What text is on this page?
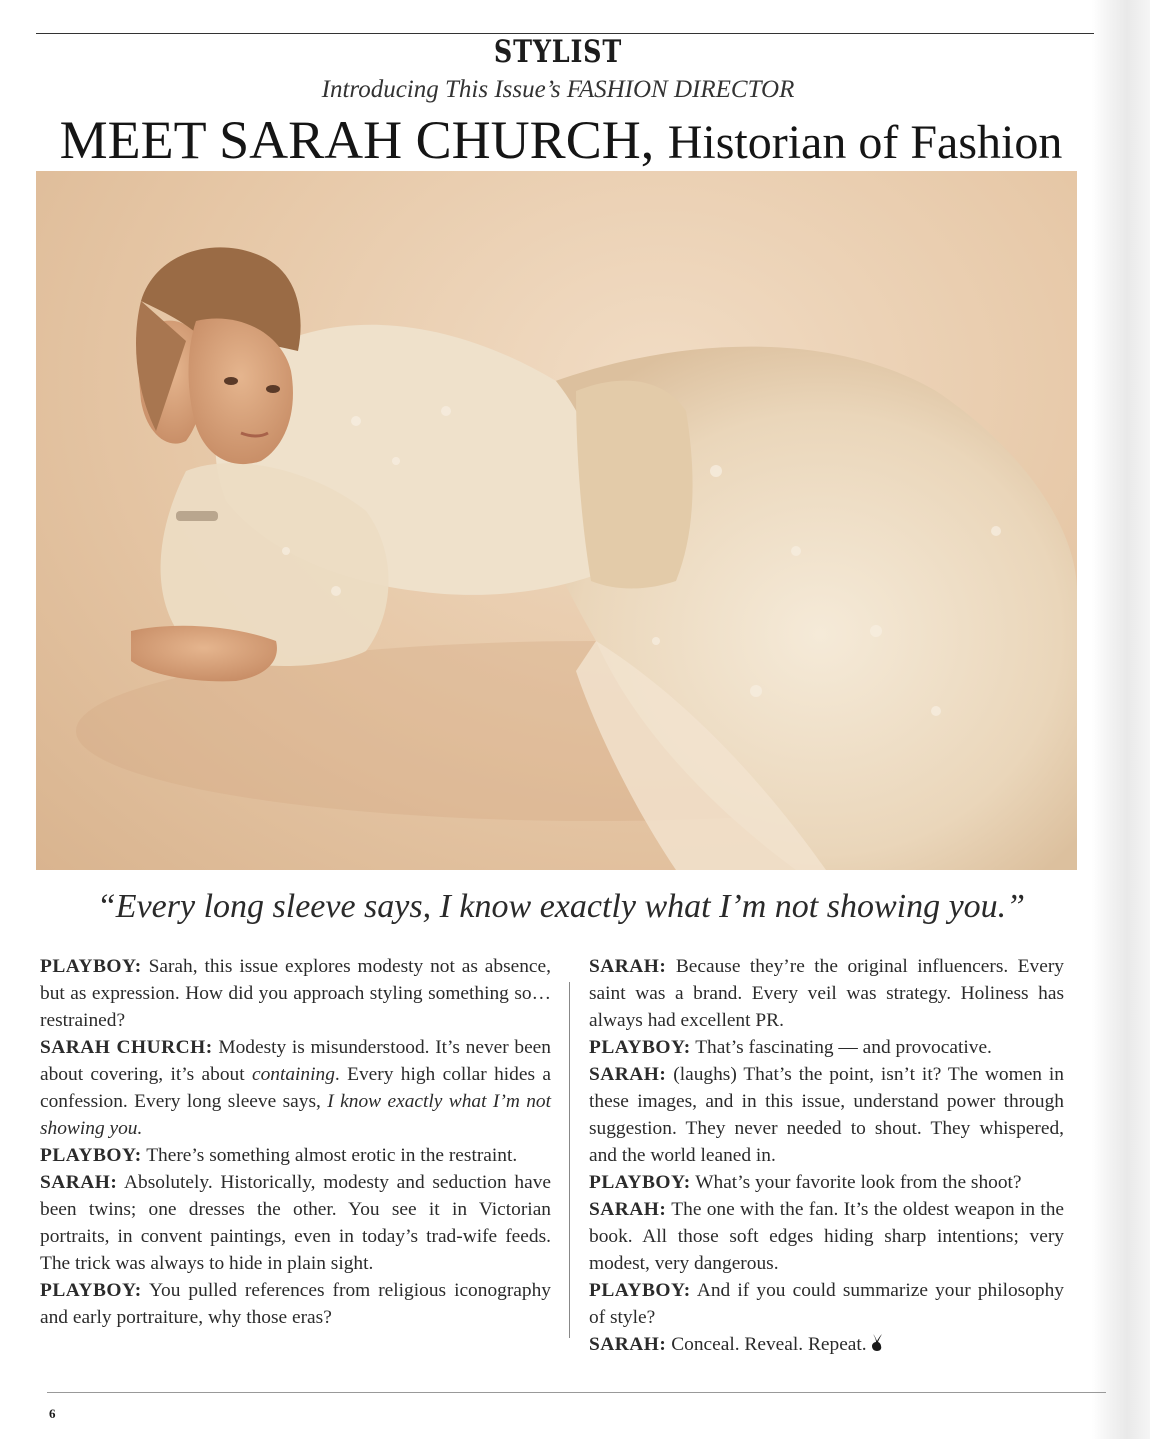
STYLIST
Introducing This Issue’s FASHION DIRECTOR
MEET SARAH CHURCH, Historian of Fashion
“Every long sleeve says, I know exactly what I’m not showing you.”

PLAYBOY: Sarah, this issue explores modesty not as absence, but as expression. How did you approach styling something so… restrained?

SARAH CHURCH: Modesty is misunderstood. It’s never been about covering, it’s about containing. Every high collar hides a confession. Every long sleeve says, I know exactly what I’m not showing you.

PLAYBOY: There’s something almost erotic in the restraint.

SARAH: Absolutely. Historically, modesty and seduction have been twins; one dresses the other. You see it in Victorian portraits, in convent paintings, even in today’s trad-wife feeds. The trick was always to hide in plain sight.

PLAYBOY: You pulled references from religious iconography and early portraiture, why those eras?

SARAH: Because they’re the original influencers. Every saint was a brand. Every veil was strategy. Holiness has always had excellent PR.

PLAYBOY: That’s fascinating — and provocative.

SARAH: (laughs) That’s the point, isn’t it? The women in these images, and in this issue, understand power through suggestion. They never needed to shout. They whispered, and the world leaned in.

PLAYBOY: What’s your favorite look from the shoot?

SARAH: The one with the fan. It’s the oldest weapon in the book. All those soft edges hiding sharp intentions; very modest, very dangerous.

PLAYBOY: And if you could summarize your philosophy of style?

SARAH: Conceal. Reveal. Repeat.

6
